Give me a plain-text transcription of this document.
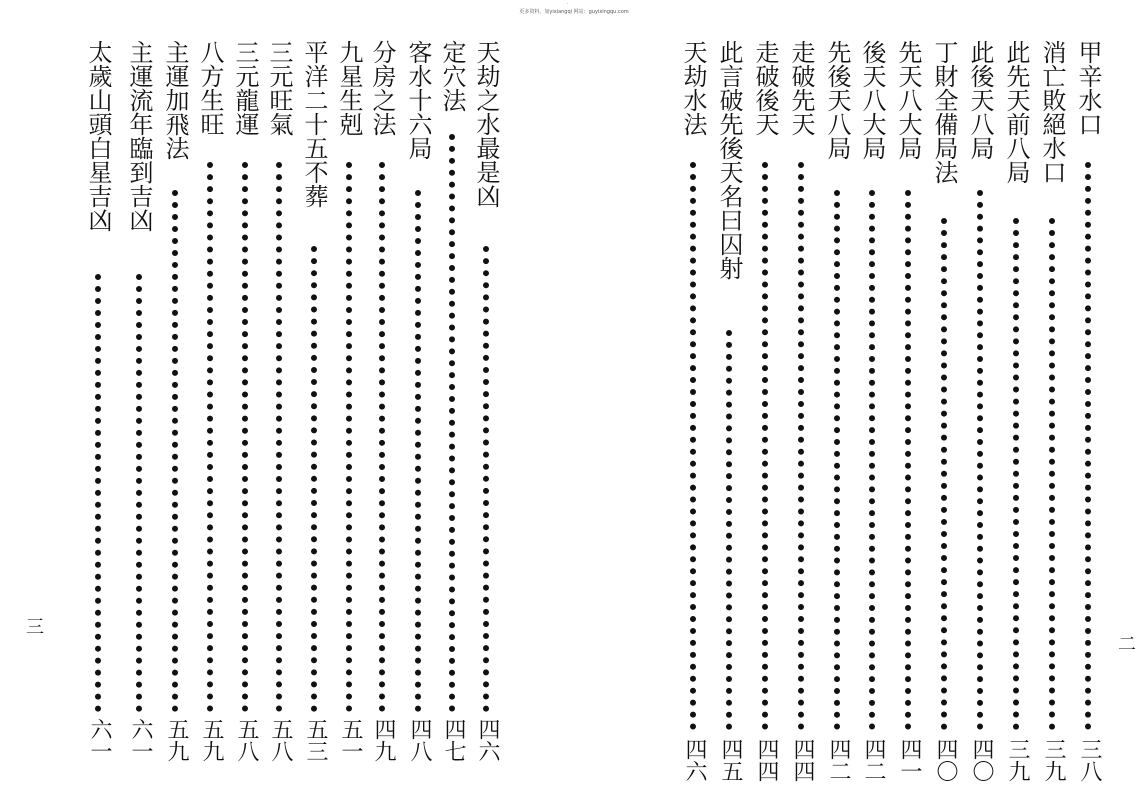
更多资料，加yixiangqi 网站：guyixingqu.com
·
二
甲辛水口
三八
消亡敗絕水口
三九
此先天前八局
三九
此後天八局
四〇
丁財全備局法
四〇
先天八大局
四一
後天八大局
四二
先後天八局
四二
走破先天
四四
走破後天
四四
此言破先後天名曰囚射
四五
天劫水法
四六
三
天劫之水最是凶
四六
定穴法
四七
客水十六局
四八
分房之法
四九
九星生剋
五一
平洋二十五不葬
五三
三元旺氣
五八
三元龍運
五八
八方生旺
五九
主運加飛法
五九
主運流年臨到吉凶
六一
太歲山頭白星吉凶
六一
